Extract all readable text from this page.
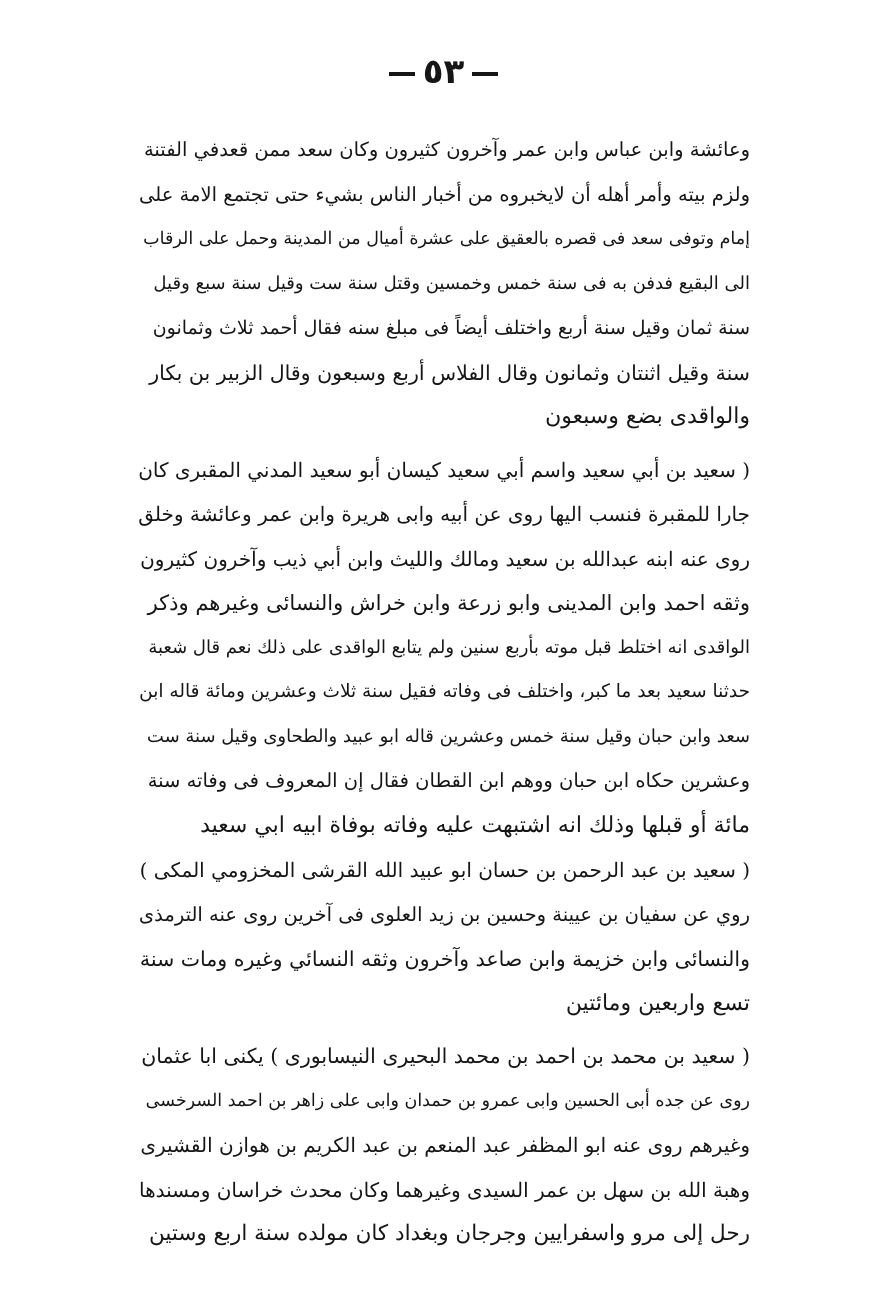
٥٣
وعائشة وابن عباس وابن عمر وآخرون كثيرون وكان سعد ممن قعدفي الفتنة
ولزم بيته وأمر أهله أن لايخبروه من أخبار الناس بشيء حتى تجتمع الامة على
إمام وتوفى سعد فى قصره بالعقيق على عشرة أميال من المدينة وحمل على الرقاب
الى البقيع فدفن به فى سنة خمس وخمسين وقتل سنة ست وقيل سنة سبع وقيل
سنة ثمان وقيل سنة أربع واختلف أيضاً فى مبلغ سنه فقال أحمد ثلاث وثمانون
سنة وقيل اثنتان وثمانون وقال الفلاس أربع وسبعون وقال الزبير بن بكار
والواقدى بضع وسبعون
( سعيد بن أبي سعيد واسم أبي سعيد كيسان أبو سعيد المدني المقبرى كان
جارا للمقبرة فنسب اليها روى عن أبيه وابى هريرة وابن عمر وعائشة وخلق
روى عنه ابنه عبدالله بن سعيد ومالك والليث وابن أبي ذيب وآخرون كثيرون
وثقه احمد وابن المدينى وابو زرعة وابن خراش والنسائى وغيرهم وذكر
الواقدى انه اختلط قبل موته بأربع سنين ولم يتابع الواقدى على ذلك نعم قال شعبة
حدثنا سعيد بعد ما كبر، واختلف فى وفاته فقيل سنة ثلاث وعشرين ومائة قاله ابن
سعد وابن حبان وقيل سنة خمس وعشرين قاله ابو عبيد والطحاوى وقيل سنة ست
وعشرين حكاه ابن حبان ووهم ابن القطان فقال إن المعروف فى وفاته سنة
مائة أو قبلها وذلك انه اشتبهت عليه وفاته بوفاة ابيه ابي سعيد
( سعيد بن عبد الرحمن بن حسان ابو عبيد الله القرشى المخزومي المكى )
روي عن سفيان بن عيينة وحسين بن زيد العلوى فى آخرين روى عنه الترمذى
والنسائى وابن خزيمة وابن صاعد وآخرون وثقه النسائي وغيره ومات سنة
تسع واربعين ومائتين
( سعيد بن محمد بن احمد بن محمد البحيرى النيسابورى ) يكنى ابا عثمان
روى عن جده أبى الحسين وابى عمرو بن حمدان وابى على زاهر بن احمد السرخسى
وغيرهم روى عنه ابو المظفر عبد المنعم بن عبد الكريم بن هوازن القشيرى
وهبة الله بن سهل بن عمر السيدى وغيرهما وكان محدث خراسان ومسندها
رحل إلى مرو واسفرايين وجرجان وبغداد كان مولده سنة اربع وستين
